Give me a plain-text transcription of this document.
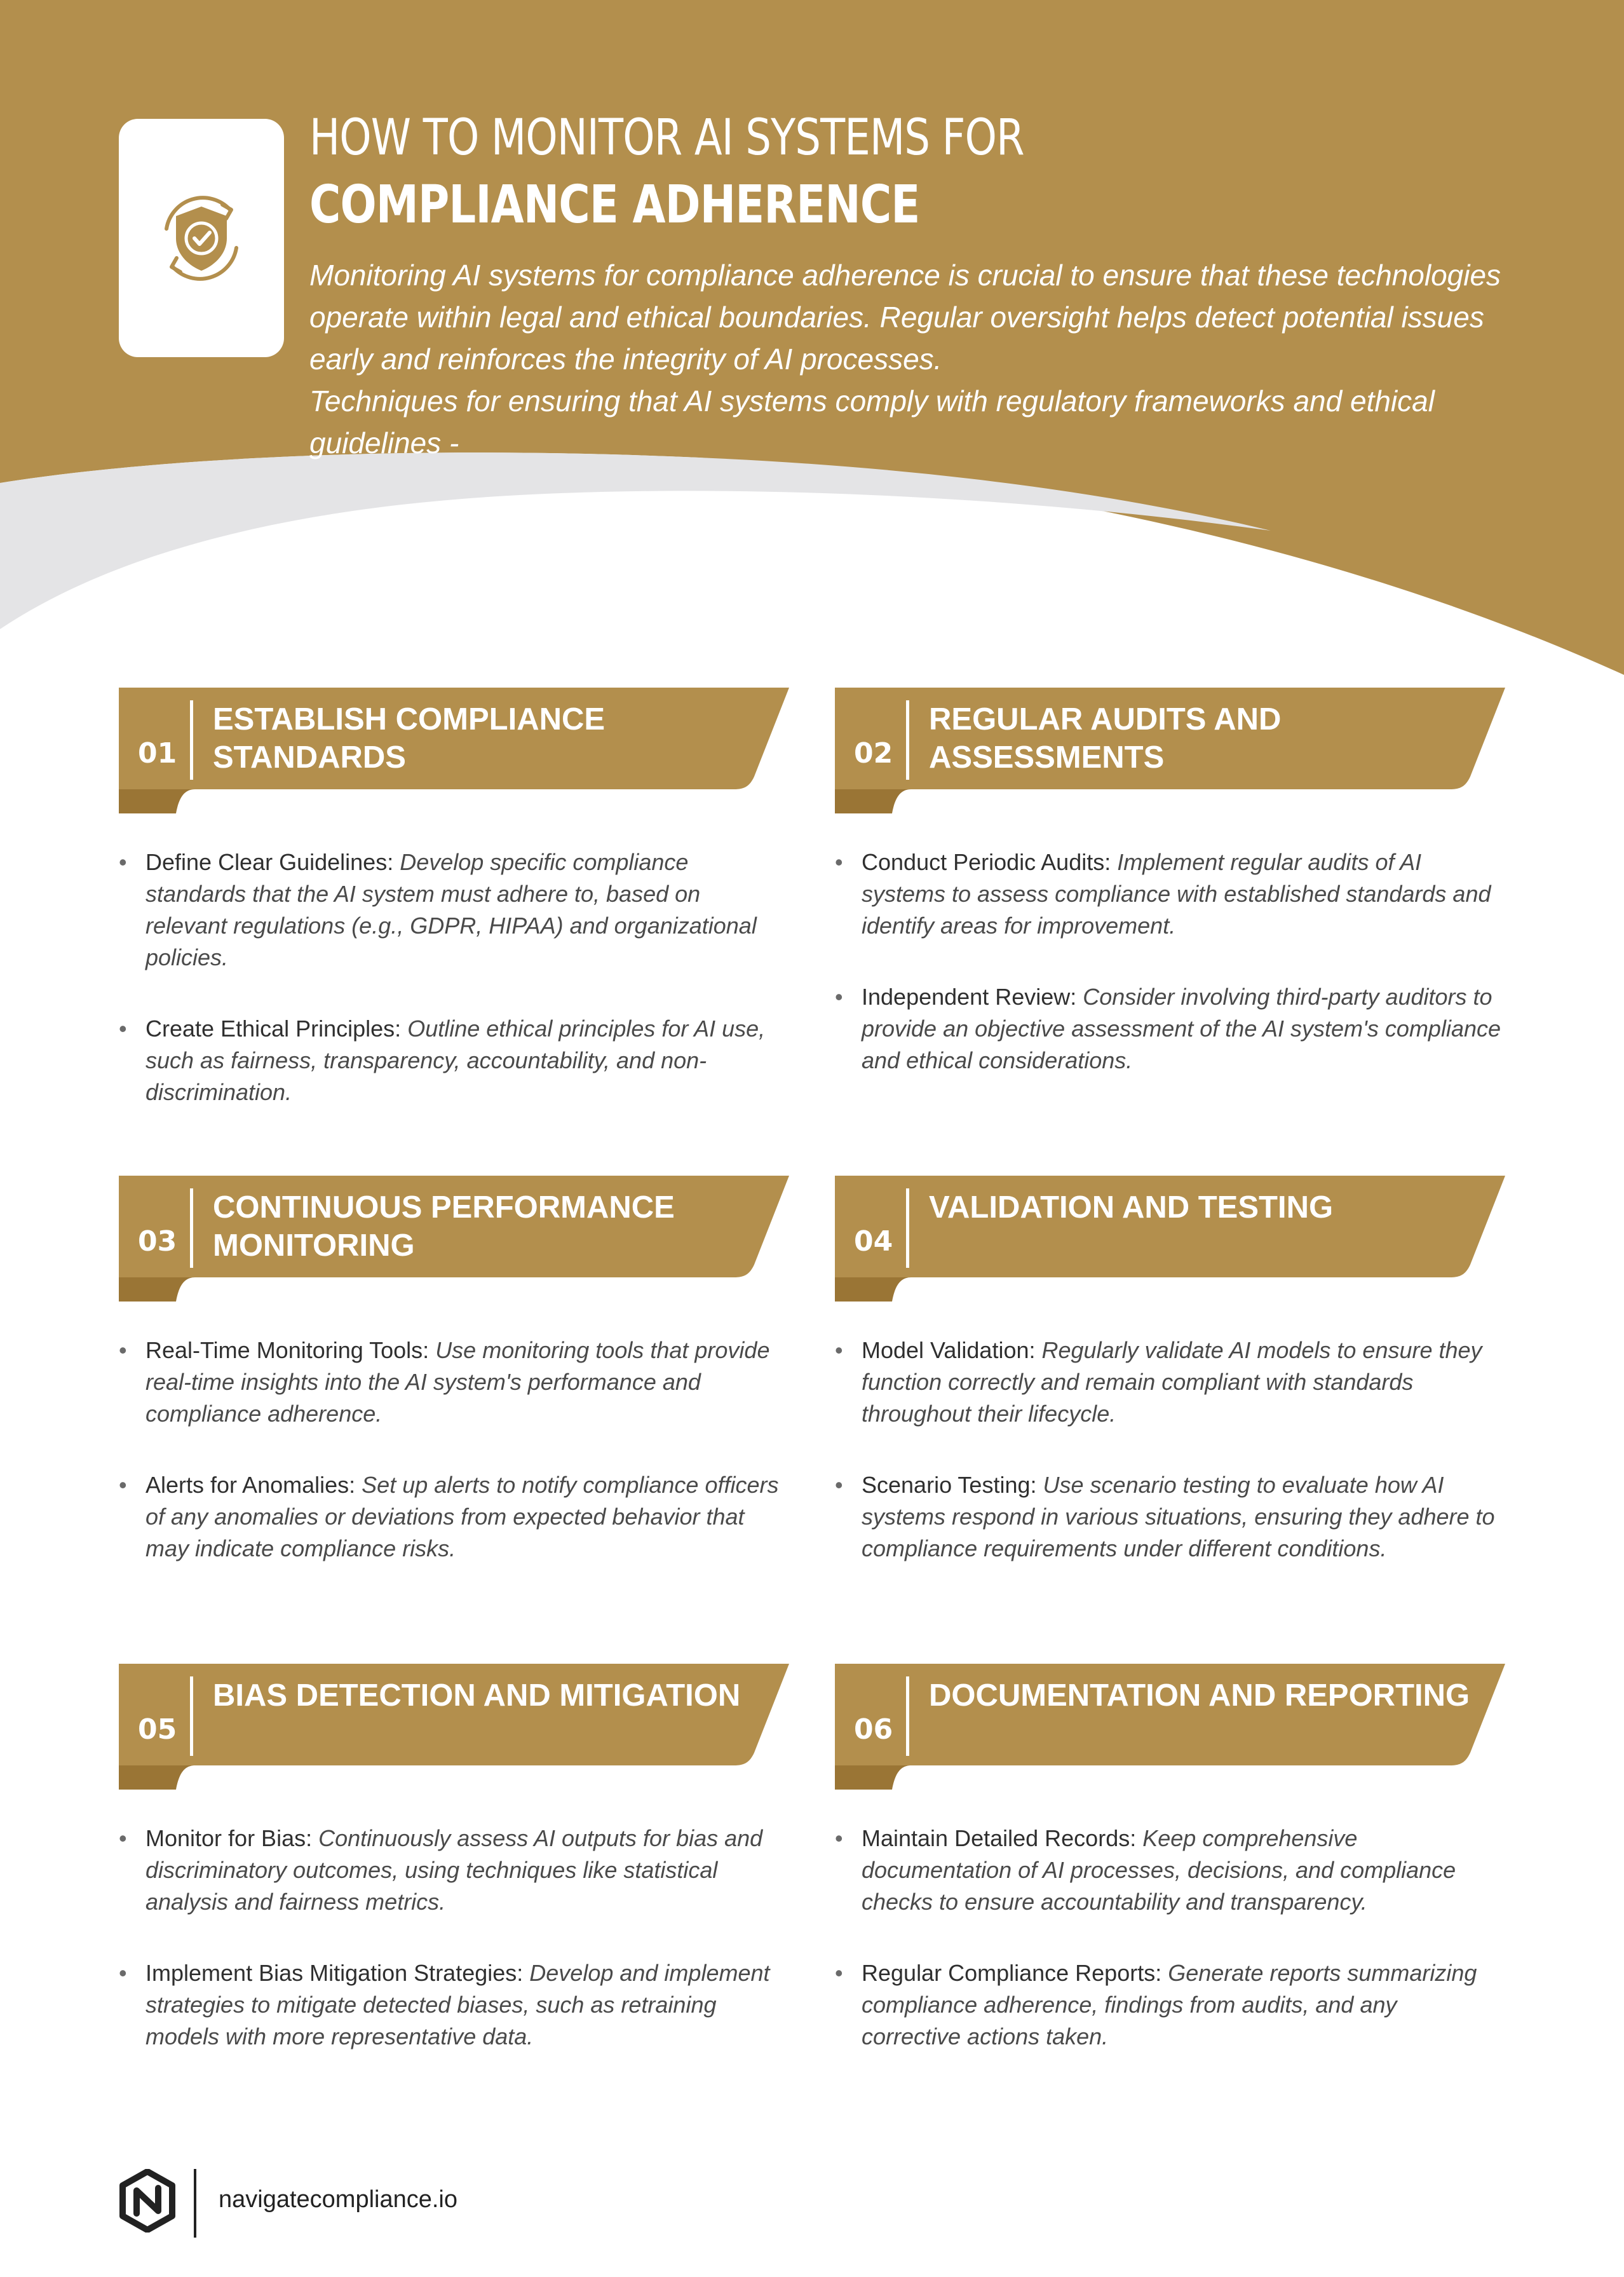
HOW TO MONITOR AI SYSTEMS FOR
COMPLIANCE ADHERENCE

Monitoring AI systems for compliance adherence is crucial to ensure that these technologies operate within legal and ethical boundaries. Regular oversight helps detect potential issues early and reinforces the integrity of AI processes.

Techniques for ensuring that AI systems comply with regulatory frameworks and ethical guidelines -

01
ESTABLISH COMPLIANCE STANDARDS
• Define Clear Guidelines: Develop specific compliance standards that the AI system must adhere to, based on relevant regulations (e.g., GDPR, HIPAA) and organizational policies.
• Create Ethical Principles: Outline ethical principles for AI use, such as fairness, transparency, accountability, and non-discrimination.
02
REGULAR AUDITS AND ASSESSMENTS
• Conduct Periodic Audits: Implement regular audits of AI systems to assess compliance with established standards and identify areas for improvement.
• Independent Review: Consider involving third-party auditors to provide an objective assessment of the AI system's compliance and ethical considerations.
03
CONTINUOUS PERFORMANCE MONITORING
• Real-Time Monitoring Tools: Use monitoring tools that provide real-time insights into the AI system's performance and compliance adherence.
• Alerts for Anomalies: Set up alerts to notify compliance officers of any anomalies or deviations from expected behavior that may indicate compliance risks.
04
VALIDATION AND TESTING
• Model Validation: Regularly validate AI models to ensure they function correctly and remain compliant with standards throughout their lifecycle.
• Scenario Testing: Use scenario testing to evaluate how AI systems respond in various situations, ensuring they adhere to compliance requirements under different conditions.
05
BIAS DETECTION AND MITIGATION
• Monitor for Bias: Continuously assess AI outputs for bias and discriminatory outcomes, using techniques like statistical analysis and fairness metrics.
• Implement Bias Mitigation Strategies: Develop and implement strategies to mitigate detected biases, such as retraining models with more representative data.
06
DOCUMENTATION AND REPORTING
• Maintain Detailed Records: Keep comprehensive documentation of AI processes, decisions, and compliance checks to ensure accountability and transparency.
• Regular Compliance Reports: Generate reports summarizing compliance adherence, findings from audits, and any corrective actions taken.
navigatecompliance.io
